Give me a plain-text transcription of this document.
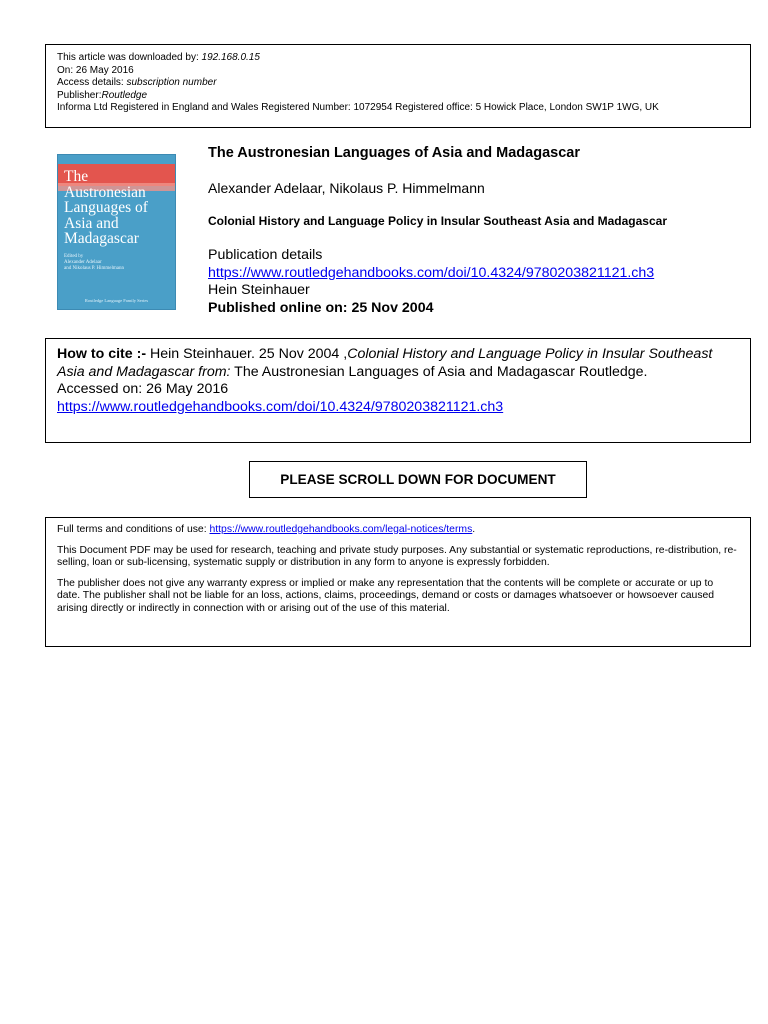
This article was downloaded by: 192.168.0.15
On: 26 May 2016
Access details: subscription number
Publisher:Routledge
Informa Ltd Registered in England and Wales Registered Number: 1072954 Registered office: 5 Howick Place, London SW1P 1WG, UK
The
Austronesian
Languages of
Asia and
Madagascar
Edited by
Alexander Adelaar
and Nikolaus P. Himmelmann
Routledge Language Family Series
The Austronesian Languages of Asia and Madagascar
Alexander Adelaar, Nikolaus P. Himmelmann
Colonial History and Language Policy in Insular Southeast Asia and Madagascar
Publication details
https://www.routledgehandbooks.com/doi/10.4324/9780203821121.ch3
Hein Steinhauer
Published online on: 25 Nov 2004
How to cite :- Hein Steinhauer. 25 Nov 2004 ,Colonial History and Language Policy in Insular Southeast Asia and Madagascar from: The Austronesian Languages of Asia and Madagascar Routledge.
Accessed on: 26 May 2016
https://www.routledgehandbooks.com/doi/10.4324/9780203821121.ch3
PLEASE SCROLL DOWN FOR DOCUMENT

Full terms and conditions of use: https://www.routledgehandbooks.com/legal-notices/terms.

This Document PDF may be used for research, teaching and private study purposes. Any substantial or systematic reproductions, re-distribution, re-selling, loan or sub-licensing, systematic supply or distribution in any form to anyone is expressly forbidden.

The publisher does not give any warranty express or implied or make any representation that the contents will be complete or accurate or up to date. The publisher shall not be liable for an loss, actions, claims, proceedings, demand or costs or damages whatsoever or howsoever caused arising directly or indirectly in connection with or arising out of the use of this material.
